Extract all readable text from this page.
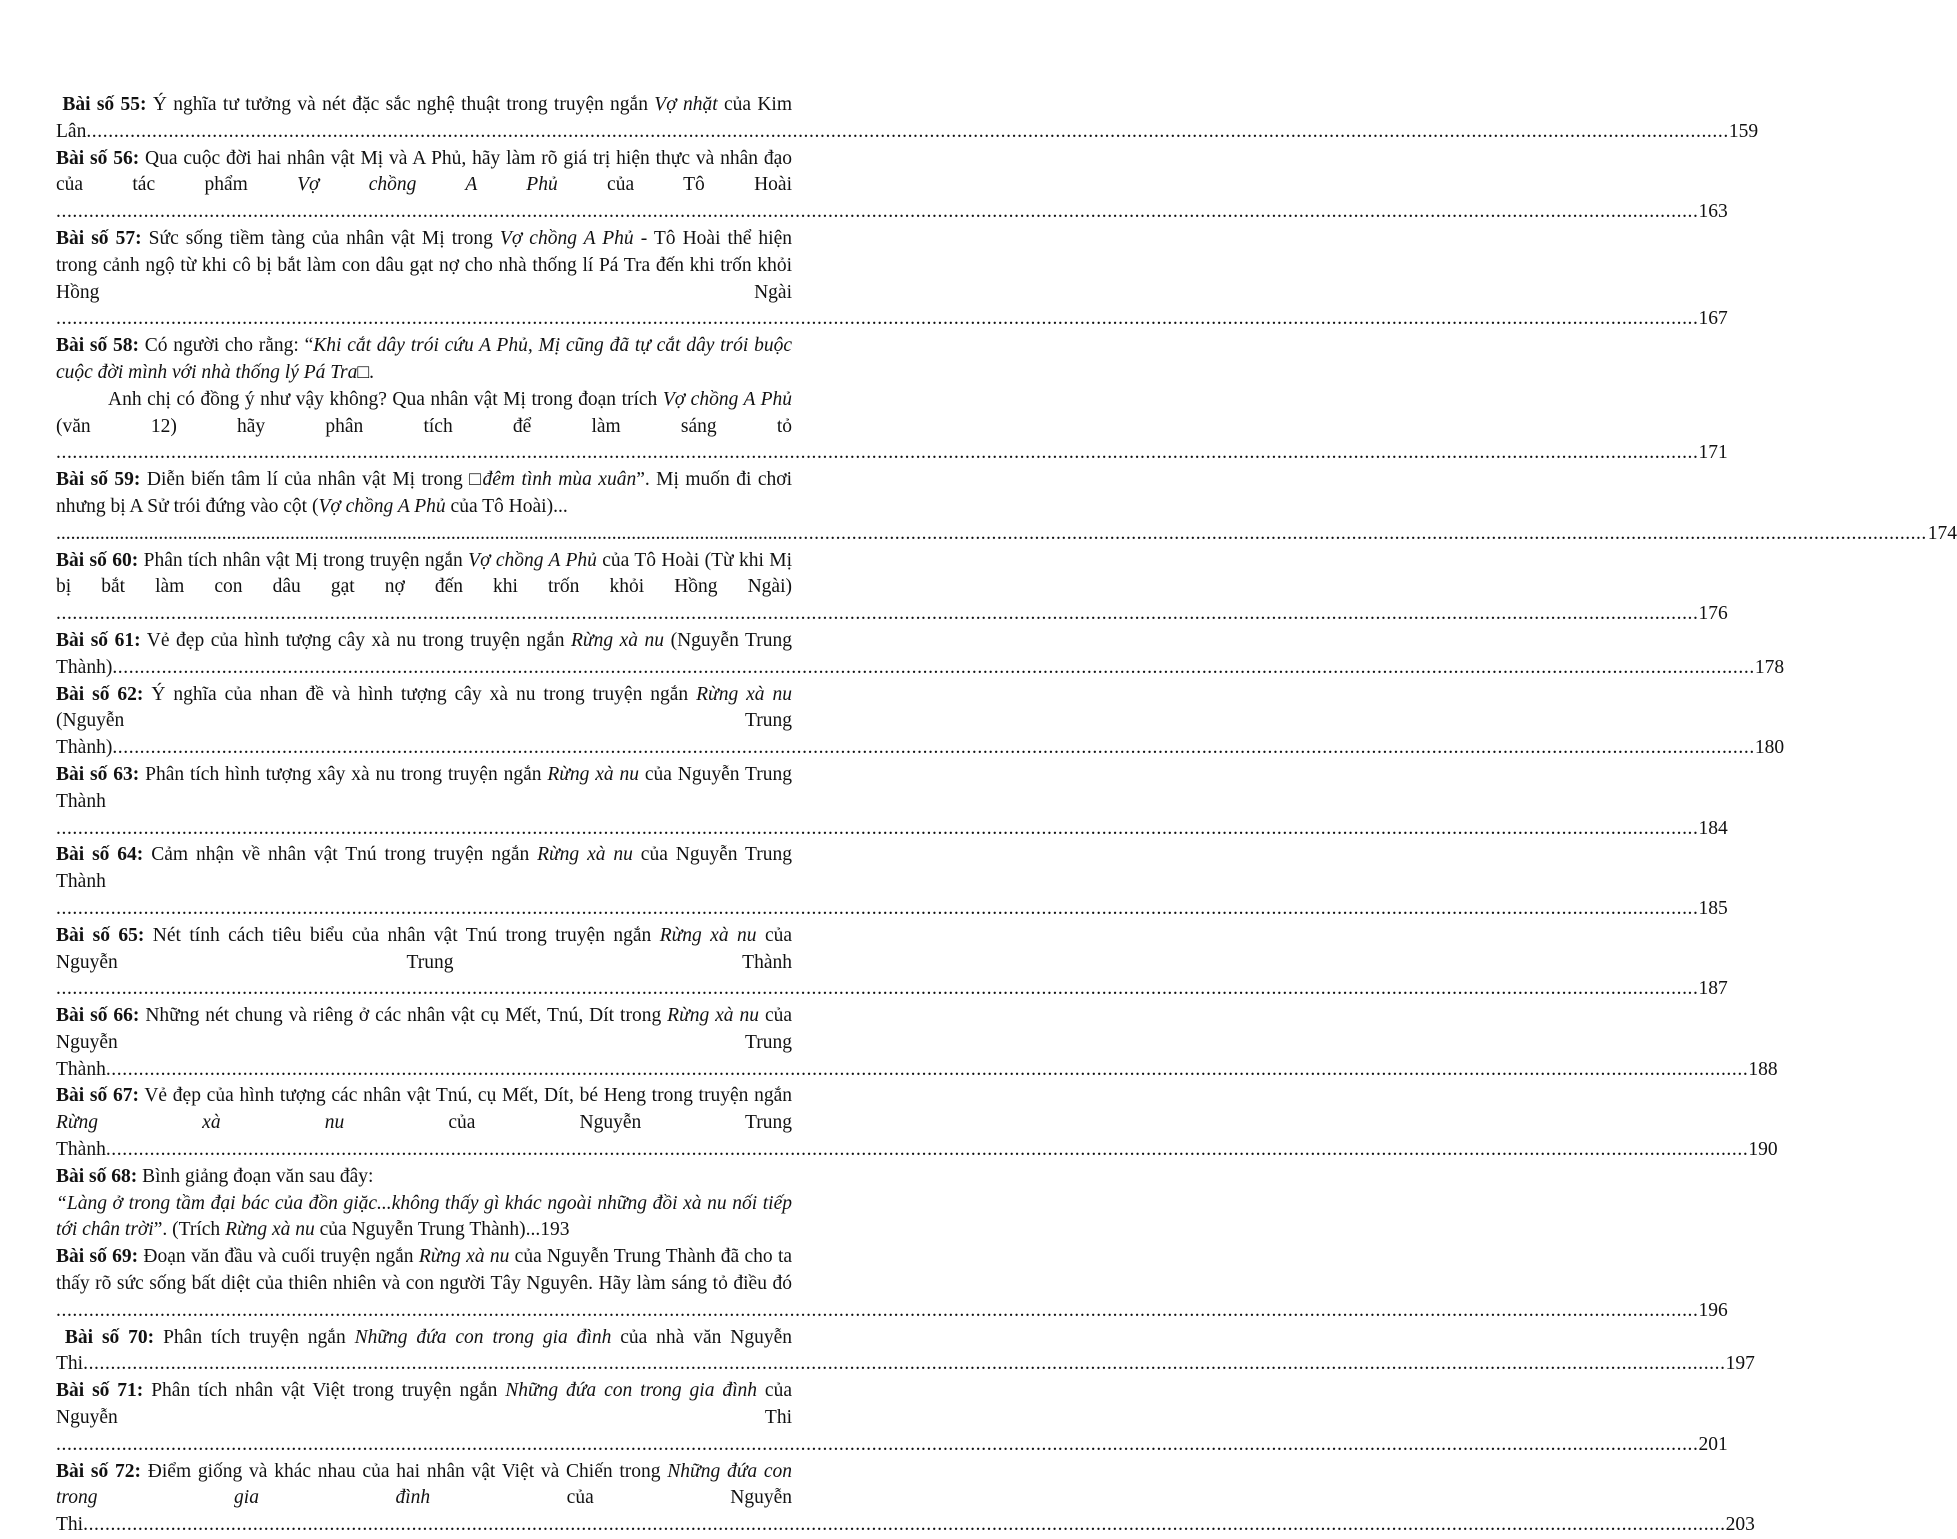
Bài số 55: Ý nghĩa tư tưởng và nét đặc sắc nghệ thuật trong truyện ngắn Vợ nhặt của Kim Lân............................................................................................................................................................................................................................................................................................................159

Bài số 56: Qua cuộc đời hai nhân vật Mị và A Phủ, hãy làm rõ giá trị hiện thực và nhân đạo của tác phẩm Vợ chồng A Phủ của Tô Hoài ............................................................................................................................................................................................................................................................................................................163

Bài số 57: Sức sống tiềm tàng của nhân vật Mị trong Vợ chồng A Phủ - Tô Hoài thể hiện trong cảnh ngộ từ khi cô bị bắt làm con dâu gạt nợ cho nhà thống lí Pá Tra đến khi trốn khỏi Hồng Ngài ............................................................................................................................................................................................................................................................................................................167

Bài số 58: Có người cho rằng: “Khi cắt dây trói cứu A Phủ, Mị cũng đã tự cắt dây trói buộc cuộc đời mình với nhà thống lý Pá Tra□.

Anh chị có đồng ý như vậy không? Qua nhân vật Mị trong đoạn trích Vợ chồng A Phủ (văn 12) hãy phân tích để làm sáng tỏ ............................................................................................................................................................................................................................................................................................................171

Bài số 59: Diễn biến tâm lí của nhân vật Mị trong □đêm tình mùa xuân”. Mị muốn đi chơi nhưng bị A Sử trói đứng vào cột (Vợ chồng A Phủ của Tô Hoài)...

...................................................................................................................................................... .....	174

Bài số 60: Phân tích nhân vật Mị trong truyện ngắn Vợ chồng A Phủ của Tô Hoài (Từ khi Mị bị bắt làm con dâu gạt nợ đến khi trốn khỏi Hồng Ngài) ............................................................................................................................................................................................................................................................................................................176

Bài số 61: Vẻ đẹp của hình tượng cây xà nu trong truyện ngắn Rừng xà nu (Nguyễn Trung Thành)............................................................................................................................................................................................................................................................................................................178

Bài số 62: Ý nghĩa của nhan đề và hình tượng cây xà nu trong truyện ngắn Rừng xà nu (Nguyễn Trung Thành)............................................................................................................................................................................................................................................................................................................180

Bài số 63: Phân tích hình tượng xây xà nu trong truyện ngắn Rừng xà nu của Nguyễn Trung Thành ............................................................................................................................................................................................................................................................................................................184

Bài số 64: Cảm nhận về nhân vật Tnú trong truyện ngắn Rừng xà nu của Nguyễn Trung Thành ............................................................................................................................................................................................................................................................................................................185

Bài số 65: Nét tính cách tiêu biểu của nhân vật Tnú trong truyện ngắn Rừng xà nu của Nguyễn Trung Thành ............................................................................................................................................................................................................................................................................................................187

Bài số 66: Những nét chung và riêng ở các nhân vật cụ Mết, Tnú, Dít trong Rừng xà nu của Nguyễn Trung Thành............................................................................................................................................................................................................................................................................................................188

Bài số 67: Vẻ đẹp của hình tượng các nhân vật Tnú, cụ Mết, Dít, bé Heng trong truyện ngắn Rừng xà nu của Nguyễn Trung Thành............................................................................................................................................................................................................................................................................................................190

Bài số 68: Bình giảng đoạn văn sau đây:

“Làng ở trong tầm đại bác của đồn giặc...không thấy gì khác ngoài những đồi xà nu nối tiếp tới chân trời”. (Trích Rừng xà nu của Nguyễn Trung Thành)...193

Bài số 69: Đoạn văn đầu và cuối truyện ngắn Rừng xà nu của Nguyễn Trung Thành đã cho ta thấy rõ sức sống bất diệt của thiên nhiên và con người Tây Nguyên. Hãy làm sáng tỏ điều đó ............................................................................................................................................................................................................................................................................................................196

Bài số 70: Phân tích truyện ngắn Những đứa con trong gia đình của nhà văn Nguyễn Thi............................................................................................................................................................................................................................................................................................................197

Bài số 71: Phân tích nhân vật Việt trong truyện ngắn Những đứa con trong gia đình của Nguyễn Thi ............................................................................................................................................................................................................................................................................................................201

Bài số 72: Điểm giống và khác nhau của hai nhân vật Việt và Chiến trong Những đứa con trong gia đình của Nguyễn Thi............................................................................................................................................................................................................................................................................................................203
